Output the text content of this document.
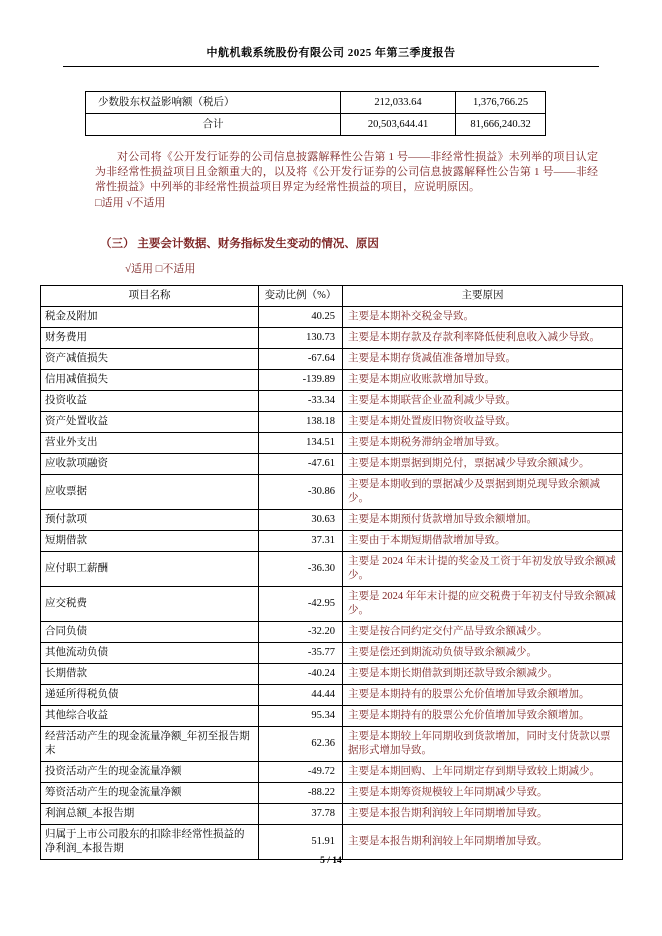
中航机载系统股份有限公司 2025 年第三季度报告
少数股东权益影响额（税后）	212,033.64	1,376,766.25
合计	20,503,644.41	81,666,240.32
对公司将《公开发行证券的公司信息披露解释性公告第 1 号——非经常性损益》未列举的项目认定为非经常性损益项目且金额重大的，以及将《公开发行证券的公司信息披露解释性公告第 1 号——非经常性损益》中列举的非经常性损益项目界定为经常性损益的项目，应说明原因。
□适用 √不适用
（三） 主要会计数据、财务指标发生变动的情况、原因
√适用 □不适用
项目名称	变动比例（%）	主要原因
税金及附加	40.25	主要是本期补交税金导致。
财务费用	130.73	主要是本期存款及存款利率降低使利息收入减少导致。
资产减值损失	-67.64	主要是本期存货减值准备增加导致。
信用减值损失	-139.89	主要是本期应收账款增加导致。
投资收益	-33.34	主要是本期联营企业盈利减少导致。
资产处置收益	138.18	主要是本期处置废旧物资收益导致。
营业外支出	134.51	主要是本期税务滞纳金增加导致。
应收款项融资	-47.61	主要是本期票据到期兑付，票据减少导致余额减少。
应收票据	-30.86	主要是本期收到的票据减少及票据到期兑现导致余额减少。
预付款项	30.63	主要是本期预付货款增加导致余额增加。
短期借款	37.31	主要由于本期短期借款增加导致。
应付职工薪酬	-36.30	主要是 2024 年末计提的奖金及工资于年初发放导致余额减少。
应交税费	-42.95	主要是 2024 年年末计提的应交税费于年初支付导致余额减少。
合同负债	-32.20	主要是按合同约定交付产品导致余额减少。
其他流动负债	-35.77	主要是偿还到期流动负债导致余额减少。
长期借款	-40.24	主要是本期长期借款到期还款导致余额减少。
递延所得税负债	44.44	主要是本期持有的股票公允价值增加导致余额增加。
其他综合收益	95.34	主要是本期持有的股票公允价值增加导致余额增加。
经营活动产生的现金流量净额_年初至报告期末	62.36	主要是本期较上年同期收到货款增加，同时支付货款以票据形式增加导致。
投资活动产生的现金流量净额	-49.72	主要是本期回购、上年同期定存到期导致较上期减少。
筹资活动产生的现金流量净额	-88.22	主要是本期筹资规模较上年同期减少导致。
利润总额_本报告期	37.78	主要是本报告期利润较上年同期增加导致。
归属于上市公司股东的扣除非经常性损益的净利润_本报告期	51.91	主要是本报告期利润较上年同期增加导致。
5 / 14
